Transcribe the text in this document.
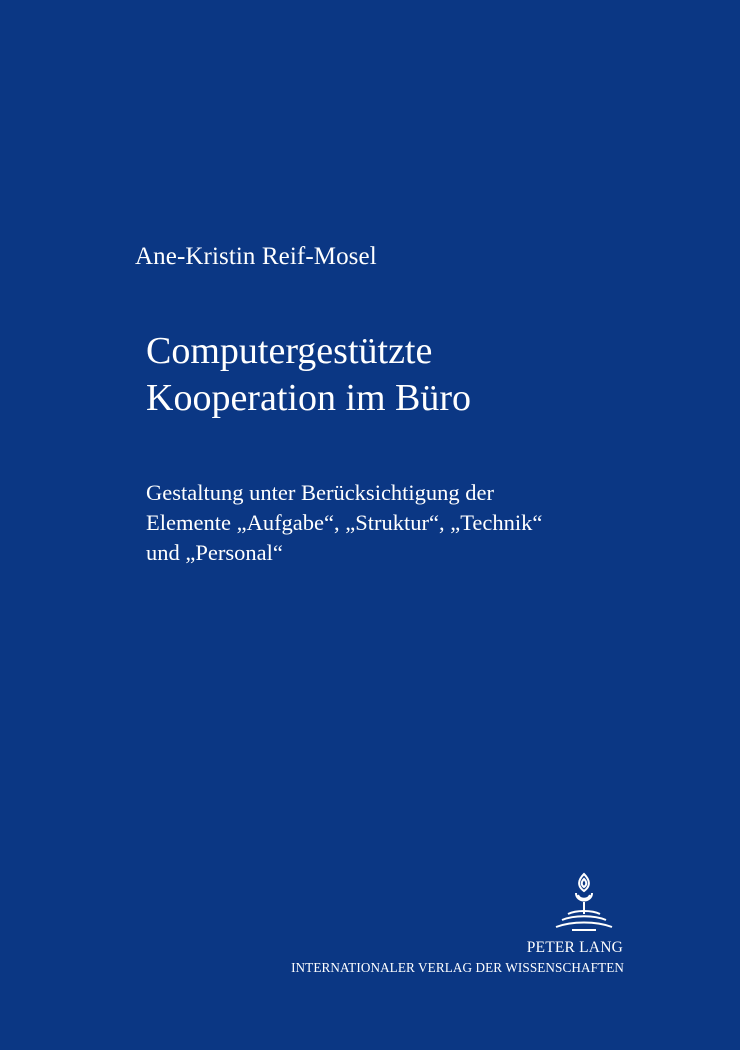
Ane-Kristin Reif-Mosel
Computergestützte
Kooperation im Büro
Gestaltung unter Berücksichtigung der
Elemente „Aufgabe“, „Struktur“, „Technik“
und „Personal“
PETER LANG
INTERNATIONALER VERLAG DER WISSENSCHAFTEN
